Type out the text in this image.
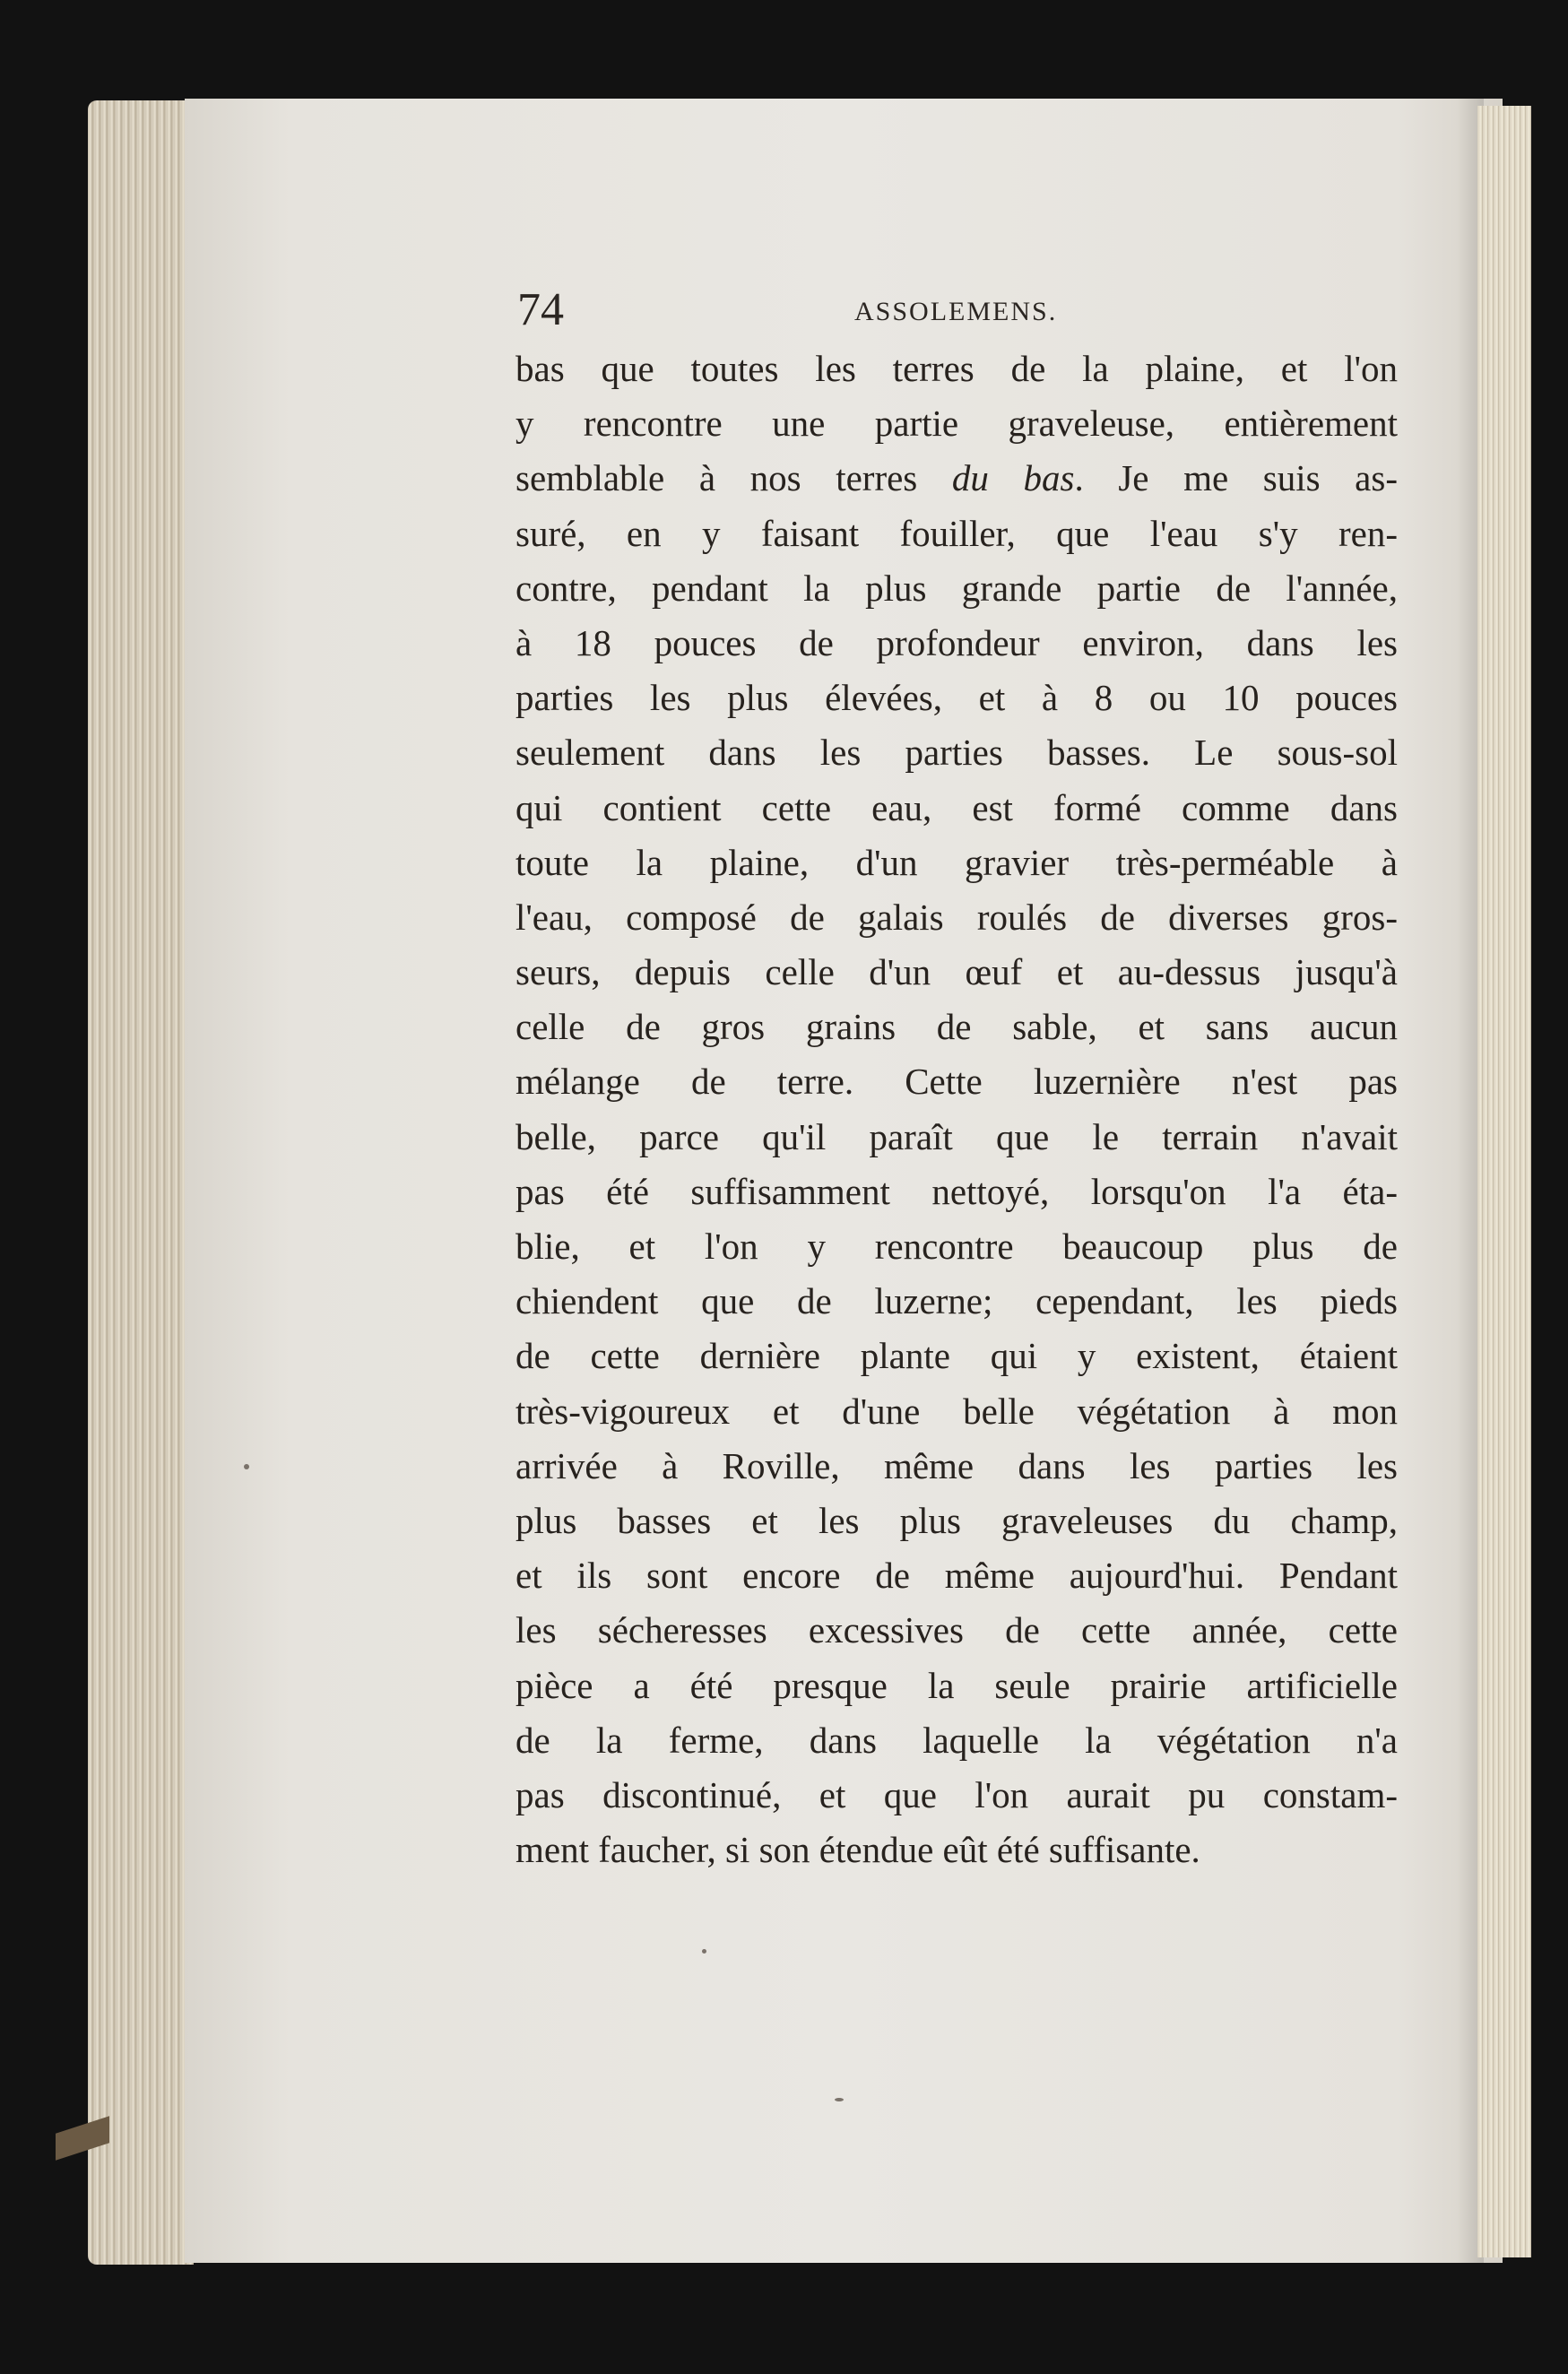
74	ASSOLEMENS.
bas que toutes les terres de la plaine, et l'on
y rencontre une partie graveleuse, entièrement
semblable à nos terres du bas. Je me suis as-
suré, en y faisant fouiller, que l'eau s'y ren-
contre, pendant la plus grande partie de l'année,
à 18 pouces de profondeur environ, dans les
parties les plus élevées, et à 8 ou 10 pouces
seulement dans les parties basses. Le sous-sol
qui contient cette eau, est formé comme dans
toute la plaine, d'un gravier très-perméable à
l'eau, composé de galais roulés de diverses gros-
seurs, depuis celle d'un œuf et au-dessus jusqu'à
celle de gros grains de sable, et sans aucun
mélange de terre. Cette luzernière n'est pas
belle, parce qu'il paraît que le terrain n'avait
pas été suffisamment nettoyé, lorsqu'on l'a éta-
blie, et l'on y rencontre beaucoup plus de
chiendent que de luzerne; cependant, les pieds
de cette dernière plante qui y existent, étaient
très-vigoureux et d'une belle végétation à mon
arrivée à Roville, même dans les parties les
plus basses et les plus graveleuses du champ,
et ils sont encore de même aujourd'hui. Pendant
les sécheresses excessives de cette année, cette
pièce a été presque la seule prairie artificielle
de la ferme, dans laquelle la végétation n'a
pas discontinué, et que l'on aurait pu constam-
ment faucher, si son étendue eût été suffisante.
